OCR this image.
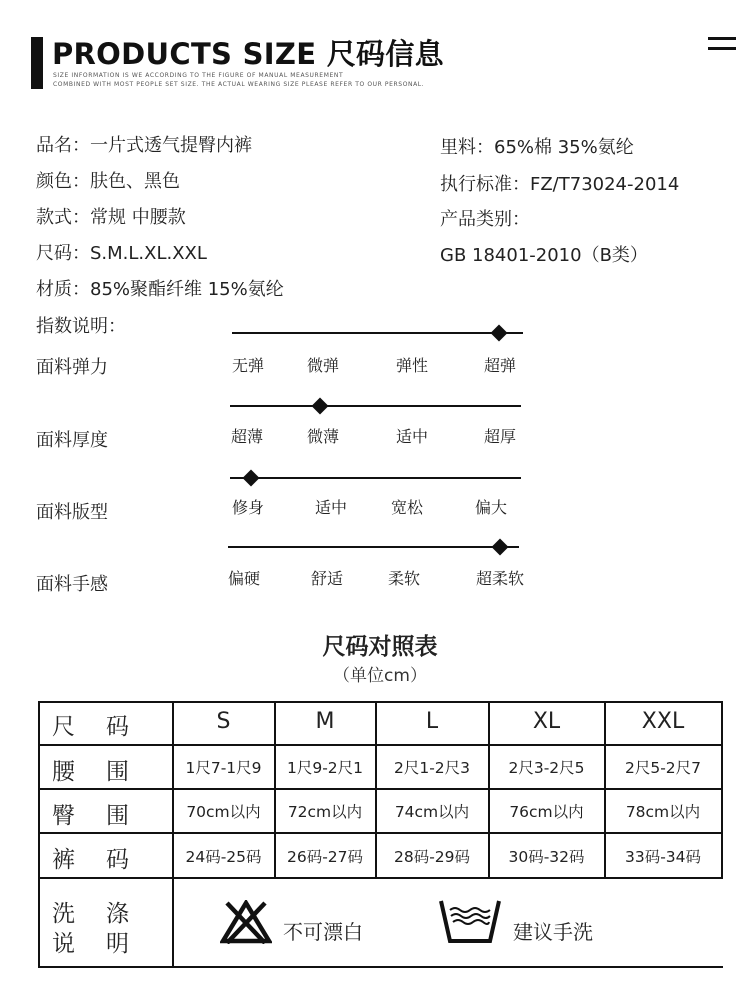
PRODUCTS SIZE 尺码信息
SIZE INFORMATION IS WE ACCORDING TO THE FIGURE OF MANUAL MEASUREMENT
COMBINED WITH MOST PEOPLE SET SIZE. THE ACTUAL WEARING SIZE PLEASE REFER TO OUR PERSONAL.
品名：一片式透气提臀内裤
颜色：肤色、黑色
款式：常规 中腰款
尺码：S.M.L.XL.XXL
材质：85%聚酯纤维 15%氨纶
里料：65%棉 35%氨纶
执行标准：FZ/T73024-2014
产品类别：
GB 18401-2010（B类）
指数说明：
面料弹力	无弹	微弹	弹性	超弹
面料厚度	超薄	微薄	适中	超厚
面料版型	修身	适中	宽松	偏大
面料手感	偏硬	舒适	柔软	超柔软
尺码对照表
（单位cm）
尺 码	S	M	L	XL	XXL
腰 围	1尺7-1尺9	1尺9-2尺1	2尺1-2尺3	2尺3-2尺5	2尺5-2尺7
臀 围	70cm以内	72cm以内	74cm以内	76cm以内	78cm以内
裤 码	24码-25码	26码-27码	28码-29码	30码-32码	33码-34码
洗 涤
说 明	不可漂白	建议手洗
